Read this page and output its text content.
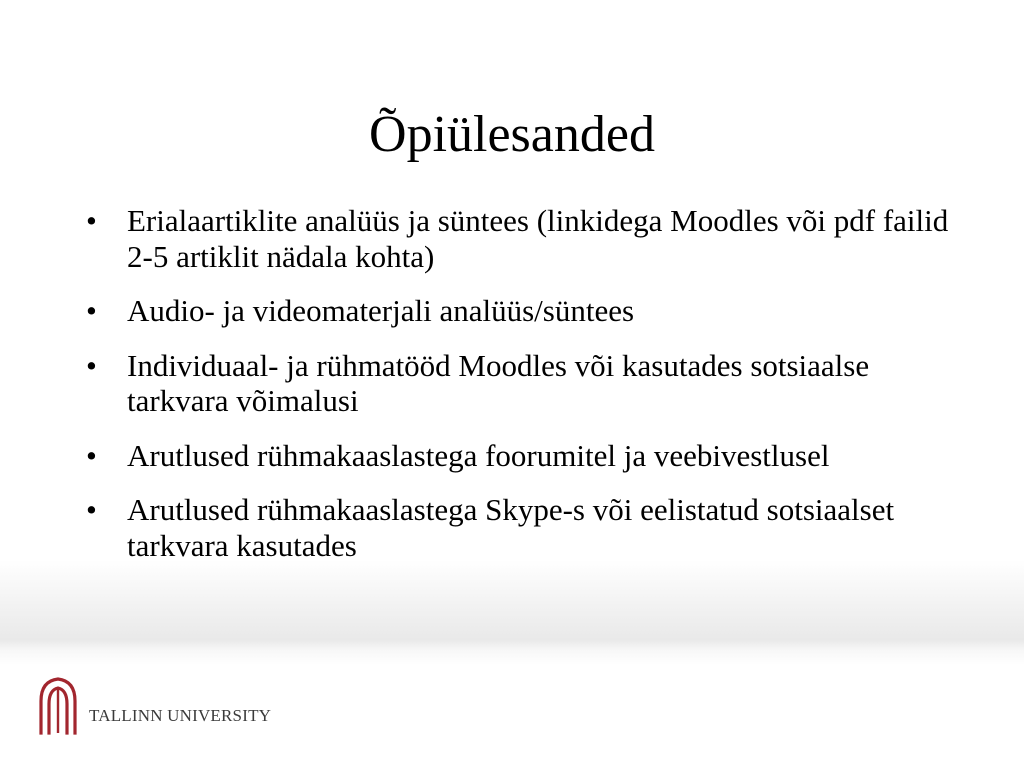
Õpiülesanded
• Erialaartiklite analüüs ja süntees (linkidega Moodles või pdf failid 2-5 artiklit nädala kohta)
• Audio- ja videomaterjali analüüs/süntees
• Individuaal- ja rühmatööd Moodles või kasutades sotsiaalse tarkvara võimalusi
• Arutlused rühmakaaslastega foorumitel ja veebivestlusel
• Arutlused rühmakaaslastega Skype-s või eelistatud sotsiaalset tarkvara kasutades
TALLINN UNIVERSITY
